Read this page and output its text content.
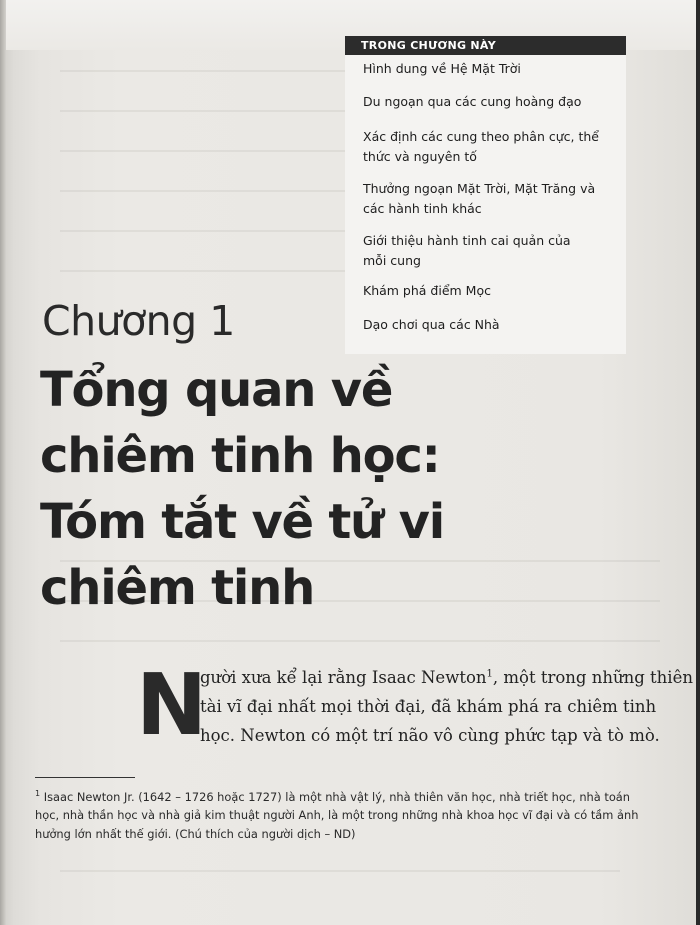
TRONG CHƯƠNG NÀY
Hình dung về Hệ Mặt Trời
Du ngoạn qua các cung hoàng đạo
Xác định các cung theo phân cực, thể
thức và nguyên tố
Thưởng ngoạn Mặt Trời, Mặt Trăng và
các hành tinh khác
Giới thiệu hành tinh cai quản của
mỗi cung
Khám phá điểm Mọc
Dạo chơi qua các Nhà
Chương 1
Tổng quan về
chiêm tinh học:
Tóm tắt về tử vi
chiêm tinh
N
gười xưa kể lại rằng Isaac Newton$^1$, một trong những thiên
tài vĩ đại nhất mọi thời đại, đã khám phá ra chiêm tinh
học. Newton có một trí não vô cùng phức tạp và tò mò.
$^1$ Isaac Newton Jr. (1642 – 1726 hoặc 1727) là một nhà vật lý, nhà thiên văn học, nhà triết học, nhà toán học, nhà thần học và nhà giả kim thuật người Anh, là một trong những nhà khoa học vĩ đại và có tầm ảnh hưởng lớn nhất thế giới. (Chú thích của người dịch – ND)
